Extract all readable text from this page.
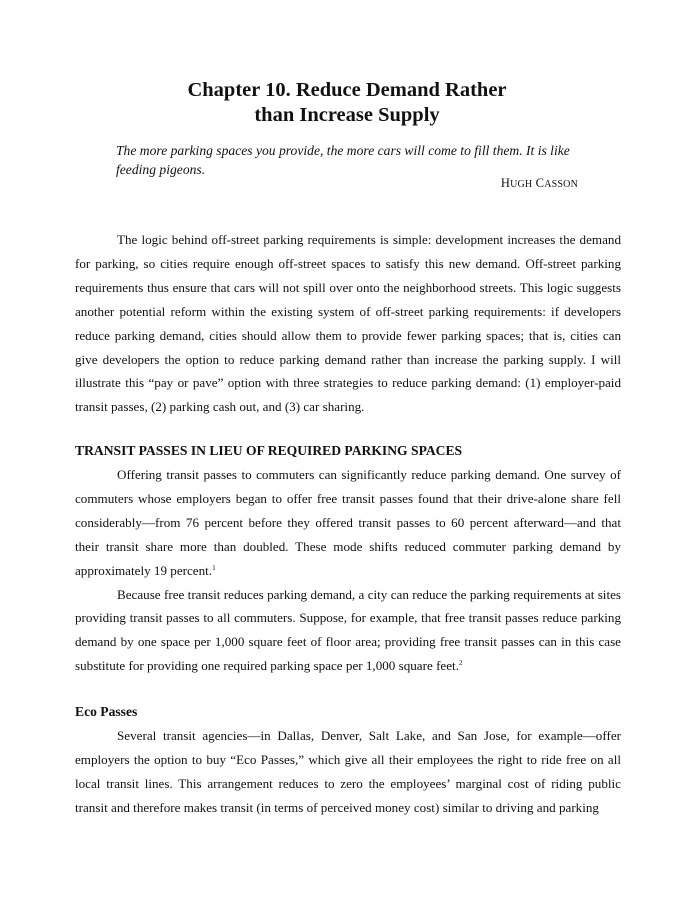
Chapter 10. Reduce Demand Rather
than Increase Supply
The more parking spaces you provide, the more cars will come to fill them. It is like feeding pigeons.
HUGH CASSON

The logic behind off-street parking requirements is simple: development increases the demand for parking, so cities require enough off-street spaces to satisfy this new demand. Off-street parking requirements thus ensure that cars will not spill over onto the neighborhood streets. This logic suggests another potential reform within the existing system of off-street parking requirements: if developers reduce parking demand, cities should allow them to provide fewer parking spaces; that is, cities can give developers the option to reduce parking demand rather than increase the parking supply. I will illustrate this “pay or pave” option with three strategies to reduce parking demand: (1) employer-paid transit passes, (2) parking cash out, and (3) car sharing.

TRANSIT PASSES IN LIEU OF REQUIRED PARKING SPACES

Offering transit passes to commuters can significantly reduce parking demand. One survey of commuters whose employers began to offer free transit passes found that their drive-alone share fell considerably—from 76 percent before they offered transit passes to 60 percent afterward—and that their transit share more than doubled. These mode shifts reduced commuter parking demand by approximately 19 percent.$^1$

Because free transit reduces parking demand, a city can reduce the parking requirements at sites providing transit passes to all commuters. Suppose, for example, that free transit passes reduce parking demand by one space per 1,000 square feet of floor area; providing free transit passes can in this case substitute for providing one required parking space per 1,000 square feet.$^2$

Eco Passes

Several transit agencies—in Dallas, Denver, Salt Lake, and San Jose, for example—offer employers the option to buy “Eco Passes,” which give all their employees the right to ride free on all local transit lines. This arrangement reduces to zero the employees’ marginal cost of riding public transit and therefore makes transit (in terms of perceived money cost) similar to driving and parking
